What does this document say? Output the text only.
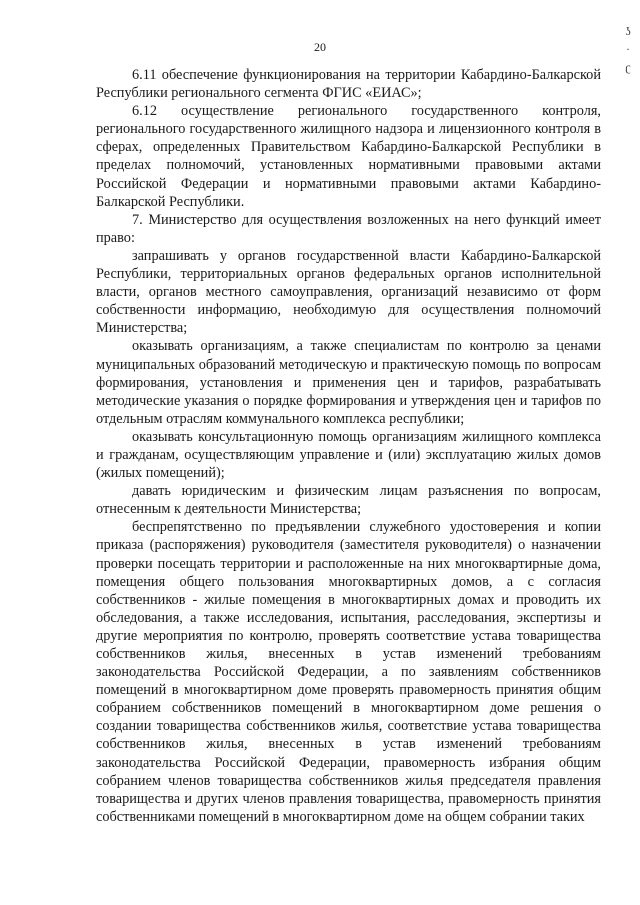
20
ʖ
·
ʗ

6.11 обеспечение функционирования на территории Кабардино-Балкарской Республики регионального сегмента ФГИС «ЕИАС»;

6.12 осуществление регионального государственного контроля, регионального государственного жилищного надзора и лицензионного контроля в сферах, определенных Правительством Кабардино-Балкарской Республики в пределах полномочий, установленных нормативными правовыми актами Российской Федерации и нормативными правовыми актами Кабардино-Балкарской Республики.

7. Министерство для осуществления возложенных на него функций имеет право:

запрашивать у органов государственной власти Кабардино-Балкарской Республики, территориальных органов федеральных органов исполнительной власти, органов местного самоуправления, организаций независимо от форм собственности информацию, необходимую для осуществления полномочий Министерства;

оказывать организациям, а также специалистам по контролю за ценами муниципальных образований методическую и практическую помощь по вопросам формирования, установления и применения цен и тарифов, разрабатывать методические указания о порядке формирования и утверждения цен и тарифов по отдельным отраслям коммунального комплекса республики;

оказывать консультационную помощь организациям жилищного комплекса и гражданам, осуществляющим управление и (или) эксплуатацию жилых домов (жилых помещений);

давать юридическим и физическим лицам разъяснения по вопросам, отнесенным к деятельности Министерства;

беспрепятственно по предъявлении служебного удостоверения и копии приказа (распоряжения) руководителя (заместителя руководителя) о назначении проверки посещать территории и расположенные на них многоквартирные дома, помещения общего пользования многоквартирных домов, а с согласия собственников - жилые помещения в многоквартирных домах и проводить их обследования, а также исследования, испытания, расследования, экспертизы и другие мероприятия по контролю, проверять соответствие устава товарищества собственников жилья, внесенных в устав изменений требованиям законодательства Российской Федерации, а по заявлениям собственников помещений в многоквартирном доме проверять правомерность принятия общим собранием собственников помещений в многоквартирном доме решения о создании товарищества собственников жилья, соответствие устава товарищества собственников жилья, внесенных в устав изменений требованиям законодательства Российской Федерации, правомерность избрания общим собранием членов товарищества собственников жилья председателя правления товарищества и других членов правления товарищества, правомерность принятия собственниками помещений в многоквартирном доме на общем собрании таких
